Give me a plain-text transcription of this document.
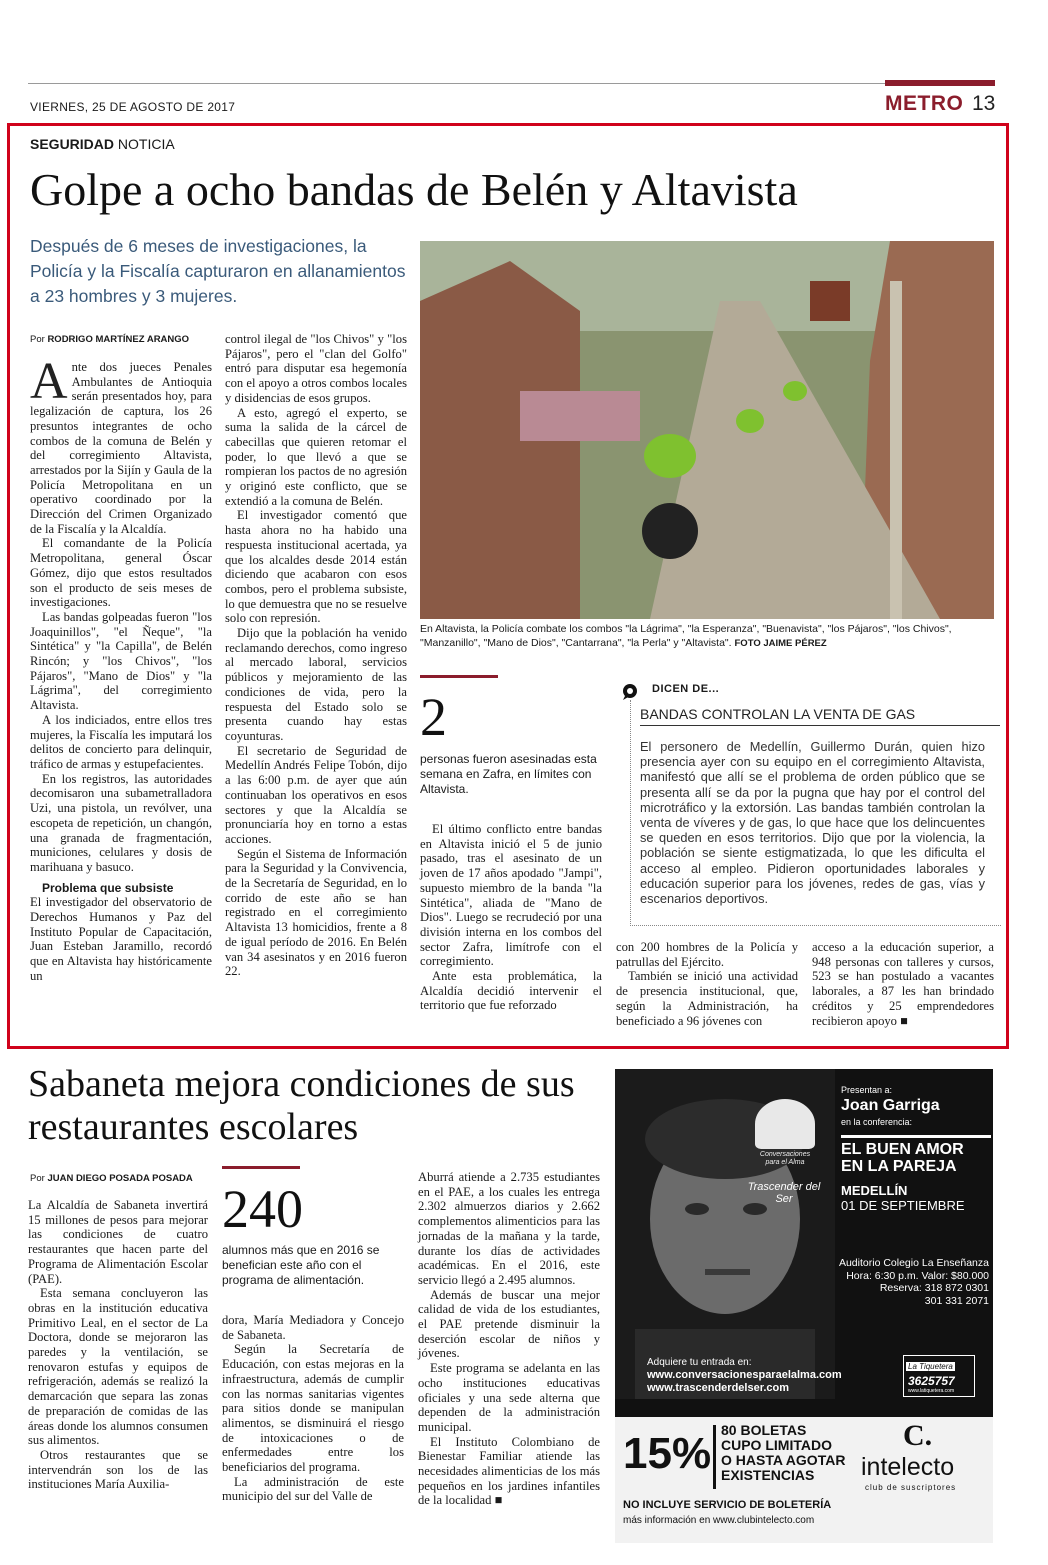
VIERNES, 25 DE AGOSTO DE 2017	METRO 13
SEGURIDAD NOTICIA
Golpe a ocho bandas de Belén y Altavista
Después de 6 meses de investigaciones, la Policía y la Fiscalía capturaron en allanamientos a 23 hombres y 3 mujeres.
Por RODRIGO MARTÍNEZ ARANGO

Ante dos jueces Penales Ambulantes de Antioquia serán presentados hoy, para legalización de captura, los 26 presuntos integrantes de ocho combos de la comuna de Belén y del corregimiento Altavista, arrestados por la Sijín y Gaula de la Policía Metropolitana en un operativo coordinado por la Dirección del Crimen Organizado de la Fiscalía y la Alcaldía.

El comandante de la Policía Metropolitana, general Óscar Gómez, dijo que estos resultados son el producto de seis meses de investigaciones.

Las bandas golpeadas fueron "los Joaquinillos", "el Ñeque", "la Sintética" y "la Capilla", de Belén Rincón; y "los Chivos", "los Pájaros", "Mano de Dios" y "la Lágrima", del corregimiento Altavista.

A los indiciados, entre ellos tres mujeres, la Fiscalía les imputará los delitos de concierto para delinquir, tráfico de armas y estupefacientes.

En los registros, las autoridades decomisaron una subametralladora Uzi, una pistola, un revólver, una escopeta de repetición, un changón, una granada de fragmentación, municiones, celulares y dosis de marihuana y basuco.

Problema que subsiste

El investigador del observatorio de Derechos Humanos y Paz del Instituto Popular de Capacitación, Juan Esteban Jaramillo, recordó que en Altavista hay históricamente un

control ilegal de "los Chivos" y "los Pájaros", pero el "clan del Golfo" entró para disputar esa hegemonía con el apoyo a otros combos locales y disidencias de esos grupos.

A esto, agregó el experto, se suma la salida de la cárcel de cabecillas que quieren retomar el poder, lo que llevó a que se rompieran los pactos de no agresión y originó este conflicto, que se extendió a la comuna de Belén.

El investigador comentó que hasta ahora no ha habido una respuesta institucional acertada, ya que los alcaldes desde 2014 están diciendo que acabaron con esos combos, pero el problema subsiste, lo que demuestra que no se resuelve solo con represión.

Dijo que la población ha venido reclamando derechos, como ingreso al mercado laboral, servicios públicos y mejoramiento de las condiciones de vida, pero la respuesta del Estado solo se presenta cuando hay estas coyunturas.

El secretario de Seguridad de Medellín Andrés Felipe Tobón, dijo a las 6:00 p.m. de ayer que aún continuaban los operativos en esos sectores y que la Alcaldía se pronunciaría hoy en torno a estas acciones.

Según el Sistema de Información para la Seguridad y la Convivencia, de la Secretaría de Seguridad, en lo corrido de este año se han registrado en el corregimiento Altavista 13 homicidios, frente a 8 de igual período de 2016. En Belén van 34 asesinatos y en 2016 fueron 22.

En Altavista, la Policía combate los combos "la Lágrima", "la Esperanza", "Buenavista", "los Pájaros", "los Chivos", "Manzanillo", "Mano de Dios", "Cantarrana", "la Perla" y "Altavista". FOTO JAIME PÉREZ
2
personas fueron asesinadas esta semana en Zafra, en límites con Altavista.

El último conflicto entre bandas en Altavista inició el 5 de junio pasado, tras el asesinato de un joven de 17 años apodado "Jampi", supuesto miembro de la banda "la Sintética", aliada de "Mano de Dios". Luego se recrudeció por una división interna en los combos del sector Zafra, limítrofe con el corregimiento.

Ante esta problemática, la Alcaldía decidió intervenir el territorio que fue reforzado

con 200 hombres de la Policía y patrullas del Ejército.

También se inició una actividad de presencia institucional, que, según la Administración, ha beneficiado a 96 jóvenes con

acceso a la educación superior, a 948 personas con talleres y cursos, 523 se han postulado a vacantes laborales, a 87 les han brindado créditos y 25 emprendedores recibieron apoyo ■

DICEN DE...
BANDAS CONTROLAN LA VENTA DE GAS
El personero de Medellín, Guillermo Durán, quien hizo presencia ayer con su equipo en el corregimiento Altavista, manifestó que allí se el problema de orden público que se presenta allí se da por la pugna que hay por el control del microtráfico y la extorsión. Las bandas también controlan la venta de víveres y de gas, lo que hace que los delincuentes se queden en esos territorios. Dijo que por la violencia, la población se siente estigmatizada, lo que les dificulta el acceso al empleo. Pidieron oportunidades laborales y educación superior para los jóvenes, redes de gas, vías y escenarios deportivos.
Sabaneta mejora condiciones de sus restaurantes escolares
Por JUAN DIEGO POSADA POSADA

La Alcaldía de Sabaneta invertirá 15 millones de pesos para mejorar las condiciones de cuatro restaurantes que hacen parte del Programa de Alimentación Escolar (PAE).

Esta semana concluyeron las obras en la institución educativa Primitivo Leal, en el sector de La Doctora, donde se mejoraron las paredes y la ventilación, se renovaron estufas y equipos de refrigeración, además se realizó la demarcación que separa las zonas de preparación de comidas de las áreas donde los alumnos consumen sus alimentos.

Otros restaurantes que se intervendrán son los de las instituciones María Auxilia-

240
alumnos más que en 2016 se benefician este año con el programa de alimentación.

dora, María Mediadora y Concejo de Sabaneta.

Según la Secretaría de Educación, con estas mejoras en la infraestructura, además de cumplir con las normas sanitarias vigentes para sitios donde se manipulan alimentos, se disminuirá el riesgo de intoxicaciones o de enfermedades entre los beneficiarios del programa.

La administración de este municipio del sur del Valle de

Aburrá atiende a 2.735 estudiantes en el PAE, a los cuales les entrega 2.302 almuerzos diarios y 2.662 complementos alimenticios para las jornadas de la mañana y la tarde, durante los días de actividades académicas. En el 2016, este servicio llegó a 2.495 alumnos.

Además de buscar una mejor calidad de vida de los estudiantes, el PAE pretende disminuir la deserción escolar de niños y jóvenes.

Este programa se adelanta en las ocho instituciones educativas oficiales y una sede alterna que dependen de la administración municipal.

El Instituto Colombiano de Bienestar Familiar atiende las necesidades alimenticias de los más pequeños en los jardines infantiles de la localidad ■

Conversaciones
para el Alma
Trascender del Ser
Presentan a:
Joan Garriga
en la conferencia:
EL BUEN AMOR
EN LA PAREJA
MEDELLÍN
01 DE SEPTIEMBRE
Auditorio Colegio La Enseñanza
Hora: 6:30 p.m. Valor: $80.000
Reserva: 318 872 0301
301 331 2071
Adquiere tu entrada en:
www.conversacionesparaelalma.com
www.trascenderdelser.com
La Tiquetera
3625757
www.latiquetera.com
15% 80 BOLETAS
CUPO LIMITADO
O HASTA AGOTAR
EXISTENCIAS
C.
intelecto
club de suscriptores
NO INCLUYE SERVICIO DE BOLETERÍA
más información en www.clubintelecto.com
